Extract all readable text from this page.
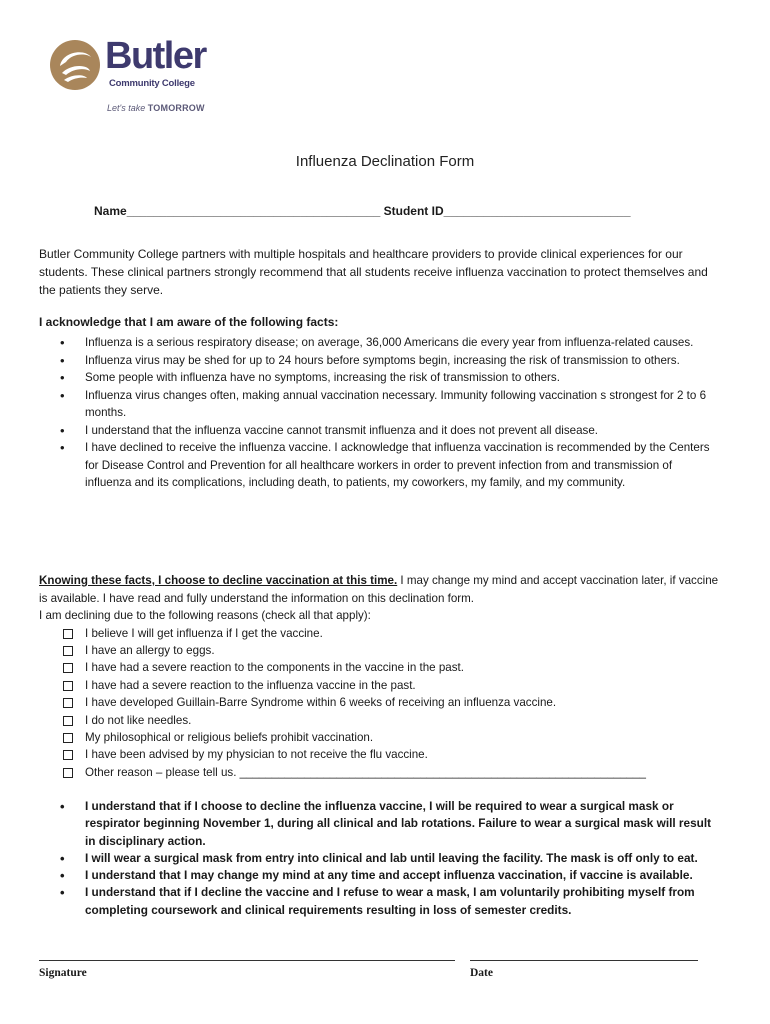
Butler
Community College
Let's take TOMORROW
Influenza Declination Form
Name______________________________________ Student ID____________________________
Butler Community College partners with multiple hospitals and healthcare providers to provide clinical experiences for our students. These clinical partners strongly recommend that all students receive influenza vaccination to protect themselves and the patients they serve.
I acknowledge that I am aware of the following facts:
• Influenza is a serious respiratory disease; on average, 36,000 Americans die every year from influenza-related causes.
• Influenza virus may be shed for up to 24 hours before symptoms begin, increasing the risk of transmission to others.
• Some people with influenza have no symptoms, increasing the risk of transmission to others.
• Influenza virus changes often, making annual vaccination necessary. Immunity following vaccination s strongest for 2 to 6 months.
• I understand that the influenza vaccine cannot transmit influenza and it does not prevent all disease.
• I have declined to receive the influenza vaccine. I acknowledge that influenza vaccination is recommended by the Centers for Disease Control and Prevention for all healthcare workers in order to prevent infection from and transmission of influenza and its complications, including death, to patients, my coworkers, my family, and my community.
Knowing these facts, I choose to decline vaccination at this time. I may change my mind and accept vaccination later, if vaccine is available. I have read and fully understand the information on this declination form.
I am declining due to the following reasons (check all that apply):
I believe I will get influenza if I get the vaccine.
I have an allergy to eggs.
I have had a severe reaction to the components in the vaccine in the past.
I have had a severe reaction to the influenza vaccine in the past.
I have developed Guillain-Barre Syndrome within 6 weeks of receiving an influenza vaccine.
I do not like needles.
My philosophical or religious beliefs prohibit vaccination.
I have been advised by my physician to not receive the flu vaccine.
Other reason – please tell us. _______________________________________________________________
• I understand that if I choose to decline the influenza vaccine, I will be required to wear a surgical mask or respirator beginning November 1, during all clinical and lab rotations. Failure to wear a surgical mask will result in disciplinary action.
• I will wear a surgical mask from entry into clinical and lab until leaving the facility. The mask is off only to eat.
• I understand that I may change my mind at any time and accept influenza vaccination, if vaccine is available.
• I understand that if I decline the vaccine and I refuse to wear a mask, I am voluntarily prohibiting myself from completing coursework and clinical requirements resulting in loss of semester credits.
Signature	Date
